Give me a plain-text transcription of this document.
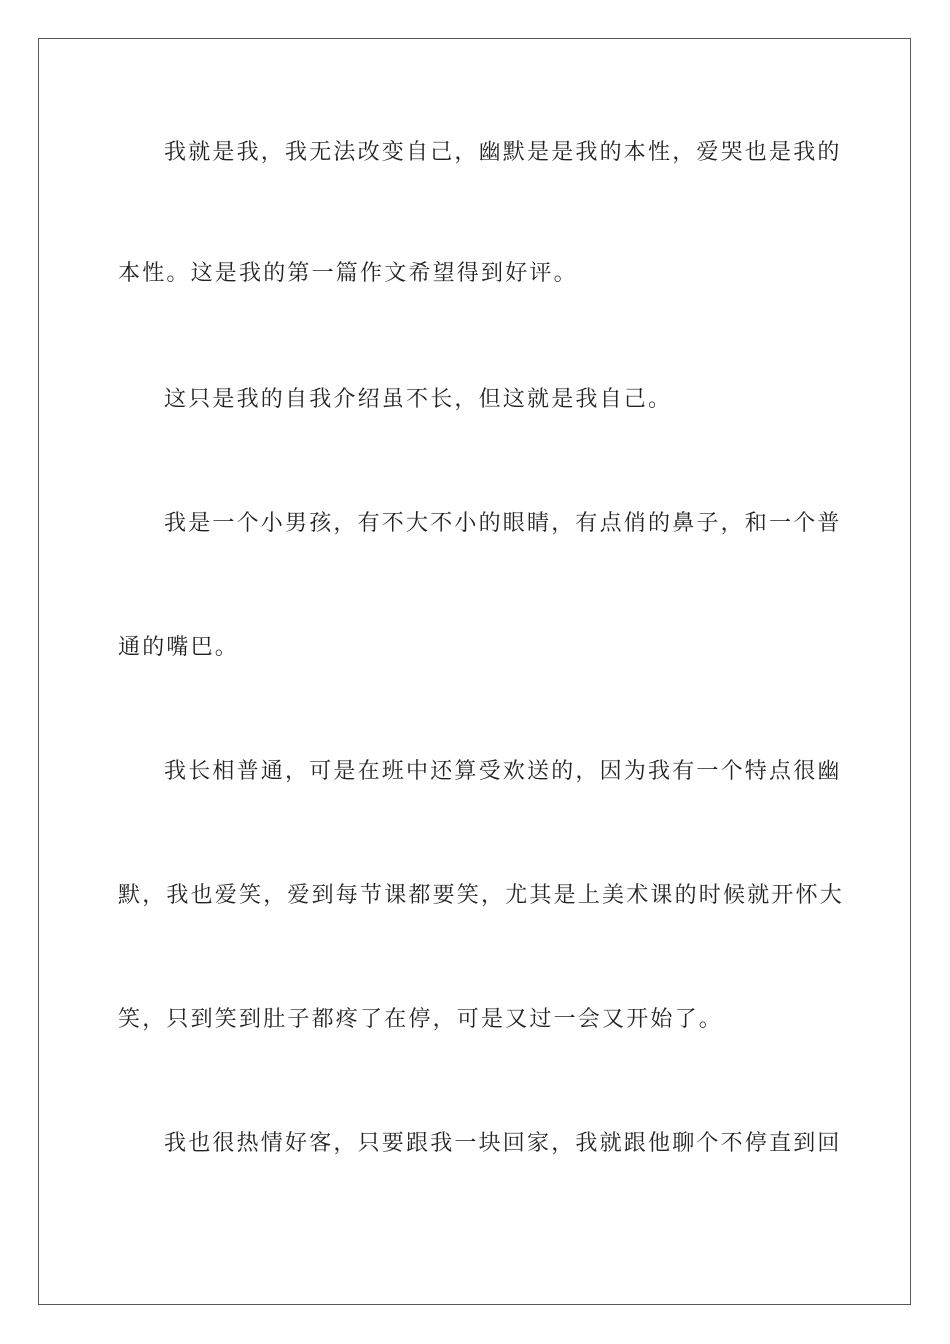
我就是我，我无法改变自己，幽默是是我的本性，爱哭也是我的
本性。这是我的第一篇作文希望得到好评。
这只是我的自我介绍虽不长，但这就是我自己。
我是一个小男孩，有不大不小的眼睛，有点俏的鼻子，和一个普
通的嘴巴。
我长相普通，可是在班中还算受欢送的，因为我有一个特点很幽
默，我也爱笑，爱到每节课都要笑，尤其是上美术课的时候就开怀大
笑，只到笑到肚子都疼了在停，可是又过一会又开始了。
我也很热情好客，只要跟我一块回家，我就跟他聊个不停直到回
